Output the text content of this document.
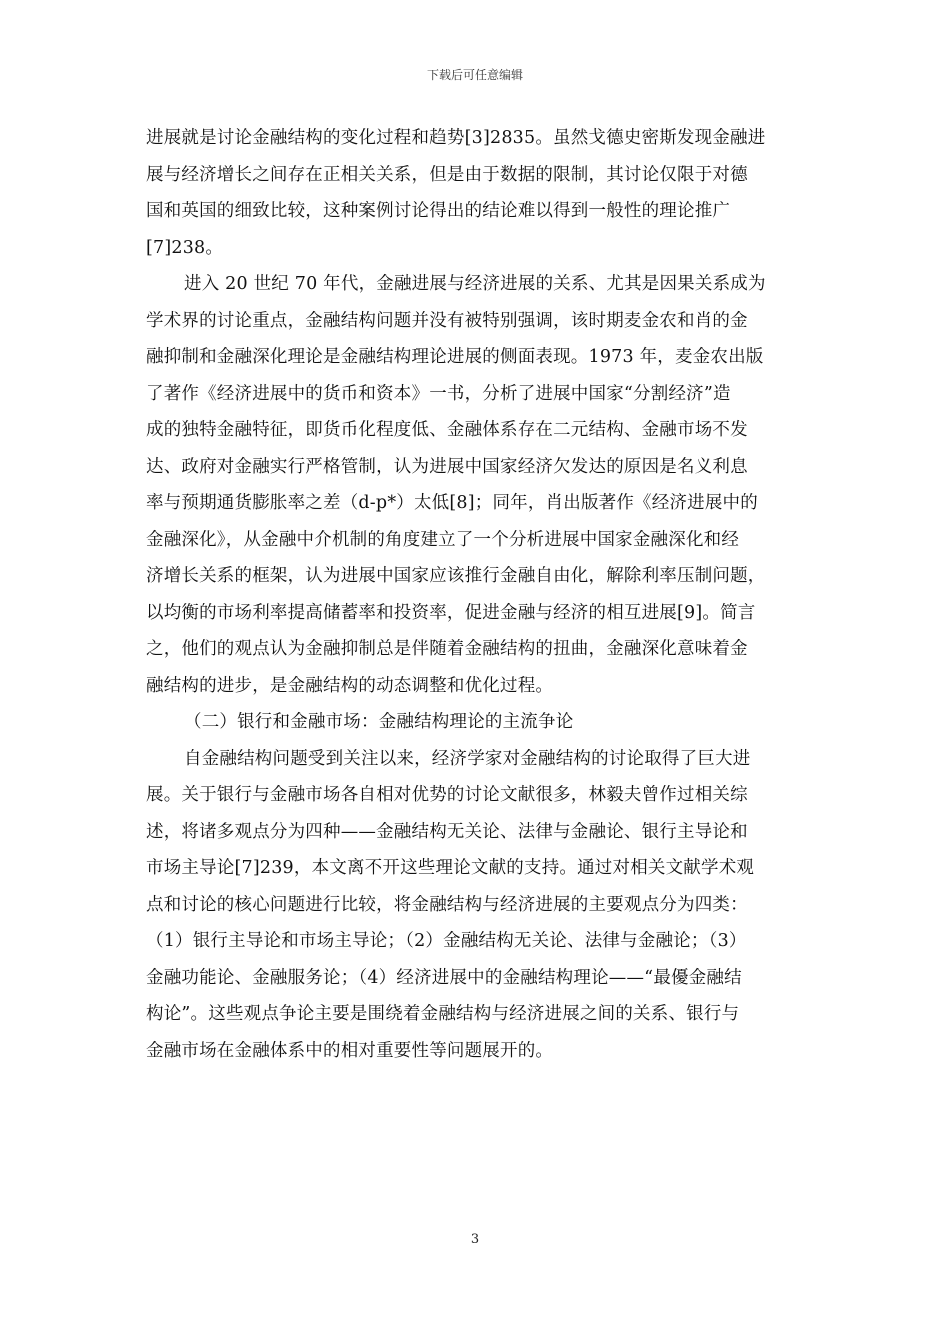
下载后可任意编辑

进展就是讨论金融结构的变化过程和趋势[3]2835。虽然戈德史密斯发现金融进
展与经济增长之间存在正相关关系，但是由于数据的限制，其讨论仅限于对德
国和英国的细致比较，这种案例讨论得出的结论难以得到一般性的理论推广
[7]238。

进入 20 世纪 70 年代，金融进展与经济进展的关系、尤其是因果关系成为
学术界的讨论重点，金融结构问题并没有被特别强调，该时期麦金农和肖的金
融抑制和金融深化理论是金融结构理论进展的侧面表现。1973 年，麦金农出版
了著作《经济进展中的货币和资本》一书，分析了进展中国家“分割经济”造
成的独特金融特征，即货币化程度低、金融体系存在二元结构、金融市场不发
达、政府对金融实行严格管制，认为进展中国家经济欠发达的原因是名义利息
率与预期通货膨胀率之差（d-p*）太低[8]；同年，肖出版著作《经济进展中的
金融深化》，从金融中介机制的角度建立了一个分析进展中国家金融深化和经
济增长关系的框架，认为进展中国家应该推行金融自由化，解除利率压制问题，
以均衡的市场利率提高储蓄率和投资率，促进金融与经济的相互进展[9]。简言
之，他们的观点认为金融抑制总是伴随着金融结构的扭曲，金融深化意味着金
融结构的进步，是金融结构的动态调整和优化过程。

（二）银行和金融市场：金融结构理论的主流争论

自金融结构问题受到关注以来，经济学家对金融结构的讨论取得了巨大进
展。关于银行与金融市场各自相对优势的讨论文献很多，林毅夫曾作过相关综
述，将诸多观点分为四种——金融结构无关论、法律与金融论、银行主导论和
市场主导论[7]239，本文离不开这些理论文献的支持。通过对相关文献学术观
点和讨论的核心问题进行比较，将金融结构与经济进展的主要观点分为四类：
（1）银行主导论和市场主导论；（2）金融结构无关论、法律与金融论；（3）
金融功能论、金融服务论；（4）经济进展中的金融结构理论——“最優金融结
构论”。这些观点争论主要是围绕着金融结构与经济进展之间的关系、银行与
金融市场在金融体系中的相对重要性等问题展开的。

3
